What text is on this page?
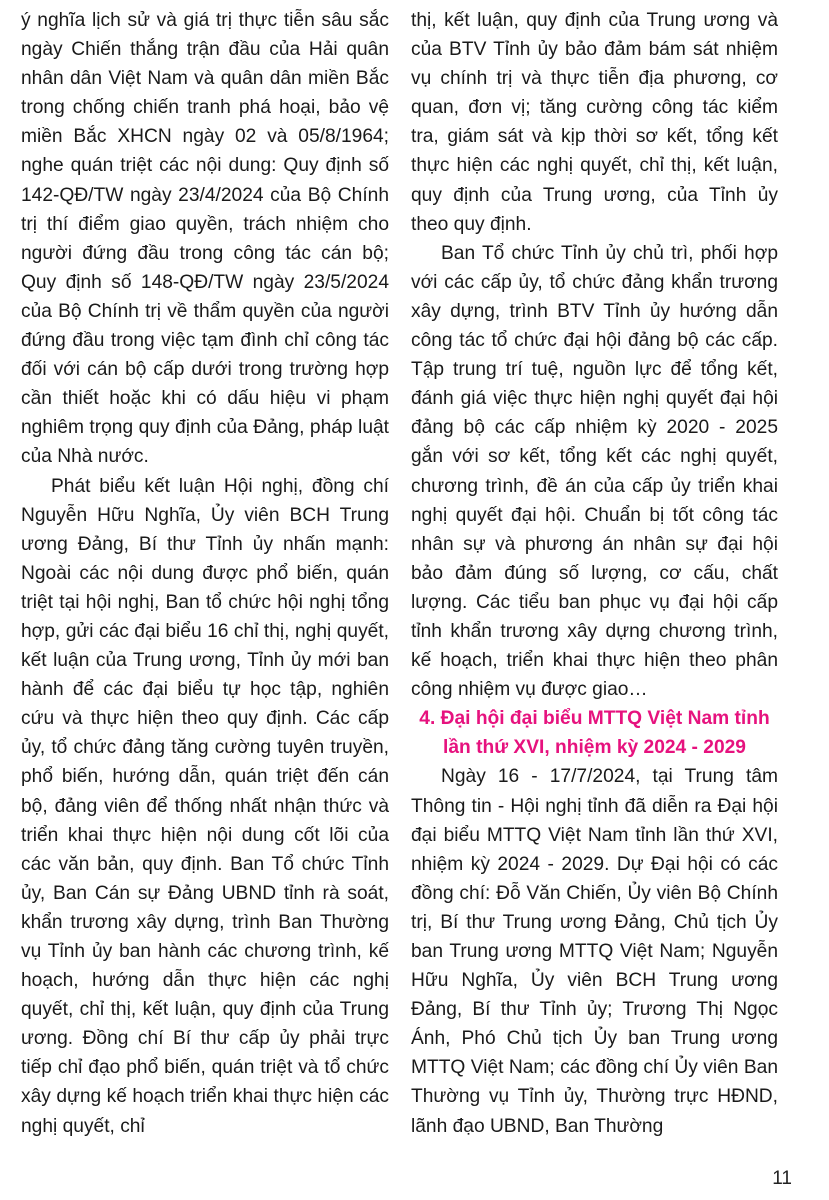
ý nghĩa lịch sử và giá trị thực tiễn sâu sắc ngày Chiến thắng trận đầu của Hải quân nhân dân Việt Nam và quân dân miền Bắc trong chống chiến tranh phá hoại, bảo vệ miền Bắc XHCN ngày 02 và 05/8/1964; nghe quán triệt các nội dung: Quy định số 142-QĐ/TW ngày 23/4/2024 của Bộ Chính trị thí điểm giao quyền, trách nhiệm cho người đứng đầu trong công tác cán bộ; Quy định số 148-QĐ/TW ngày 23/5/2024 của Bộ Chính trị về thẩm quyền của người đứng đầu trong việc tạm đình chỉ công tác đối với cán bộ cấp dưới trong trường hợp cần thiết hoặc khi có dấu hiệu vi phạm nghiêm trọng quy định của Đảng, pháp luật của Nhà nước.

Phát biểu kết luận Hội nghị, đồng chí Nguyễn Hữu Nghĩa, Ủy viên BCH Trung ương Đảng, Bí thư Tỉnh ủy nhấn mạnh: Ngoài các nội dung được phổ biến, quán triệt tại hội nghị, Ban tổ chức hội nghị tổng hợp, gửi các đại biểu 16 chỉ thị, nghị quyết, kết luận của Trung ương, Tỉnh ủy mới ban hành để các đại biểu tự học tập, nghiên cứu và thực hiện theo quy định. Các cấp ủy, tổ chức đảng tăng cường tuyên truyền, phổ biến, hướng dẫn, quán triệt đến cán bộ, đảng viên để thống nhất nhận thức và triển khai thực hiện nội dung cốt lõi của các văn bản, quy định. Ban Tổ chức Tỉnh ủy, Ban Cán sự Đảng UBND tỉnh rà soát, khẩn trương xây dựng, trình Ban Thường vụ Tỉnh ủy ban hành các chương trình, kế hoạch, hướng dẫn thực hiện các nghị quyết, chỉ thị, kết luận, quy định của Trung ương. Đồng chí Bí thư cấp ủy phải trực tiếp chỉ đạo phổ biến, quán triệt và tổ chức xây dựng kế hoạch triển khai thực hiện các nghị quyết, chỉ

thị, kết luận, quy định của Trung ương và của BTV Tỉnh ủy bảo đảm bám sát nhiệm vụ chính trị và thực tiễn địa phương, cơ quan, đơn vị; tăng cường công tác kiểm tra, giám sát và kịp thời sơ kết, tổng kết thực hiện các nghị quyết, chỉ thị, kết luận, quy định của Trung ương, của Tỉnh ủy theo quy định.

Ban Tổ chức Tỉnh ủy chủ trì, phối hợp với các cấp ủy, tổ chức đảng khẩn trương xây dựng, trình BTV Tỉnh ủy hướng dẫn công tác tổ chức đại hội đảng bộ các cấp. Tập trung trí tuệ, nguồn lực để tổng kết, đánh giá việc thực hiện nghị quyết đại hội đảng bộ các cấp nhiệm kỳ 2020 - 2025 gắn với sơ kết, tổng kết các nghị quyết, chương trình, đề án của cấp ủy triển khai nghị quyết đại hội. Chuẩn bị tốt công tác nhân sự và phương án nhân sự đại hội bảo đảm đúng số lượng, cơ cấu, chất lượng. Các tiểu ban phục vụ đại hội cấp tỉnh khẩn trương xây dựng chương trình, kế hoạch, triển khai thực hiện theo phân công nhiệm vụ được giao…

4. Đại hội đại biểu MTTQ Việt Nam tỉnh lần thứ XVI, nhiệm kỳ 2024 - 2029

Ngày 16 - 17/7/2024, tại Trung tâm Thông tin - Hội nghị tỉnh đã diễn ra Đại hội đại biểu MTTQ Việt Nam tỉnh lần thứ XVI, nhiệm kỳ 2024 - 2029. Dự Đại hội có các đồng chí: Đỗ Văn Chiến, Ủy viên Bộ Chính trị, Bí thư Trung ương Đảng, Chủ tịch Ủy ban Trung ương MTTQ Việt Nam; Nguyễn Hữu Nghĩa, Ủy viên BCH Trung ương Đảng, Bí thư Tỉnh ủy; Trương Thị Ngọc Ánh, Phó Chủ tịch Ủy ban Trung ương MTTQ Việt Nam; các đồng chí Ủy viên Ban Thường vụ Tỉnh ủy, Thường trực HĐND, lãnh đạo UBND, Ban Thường

11
